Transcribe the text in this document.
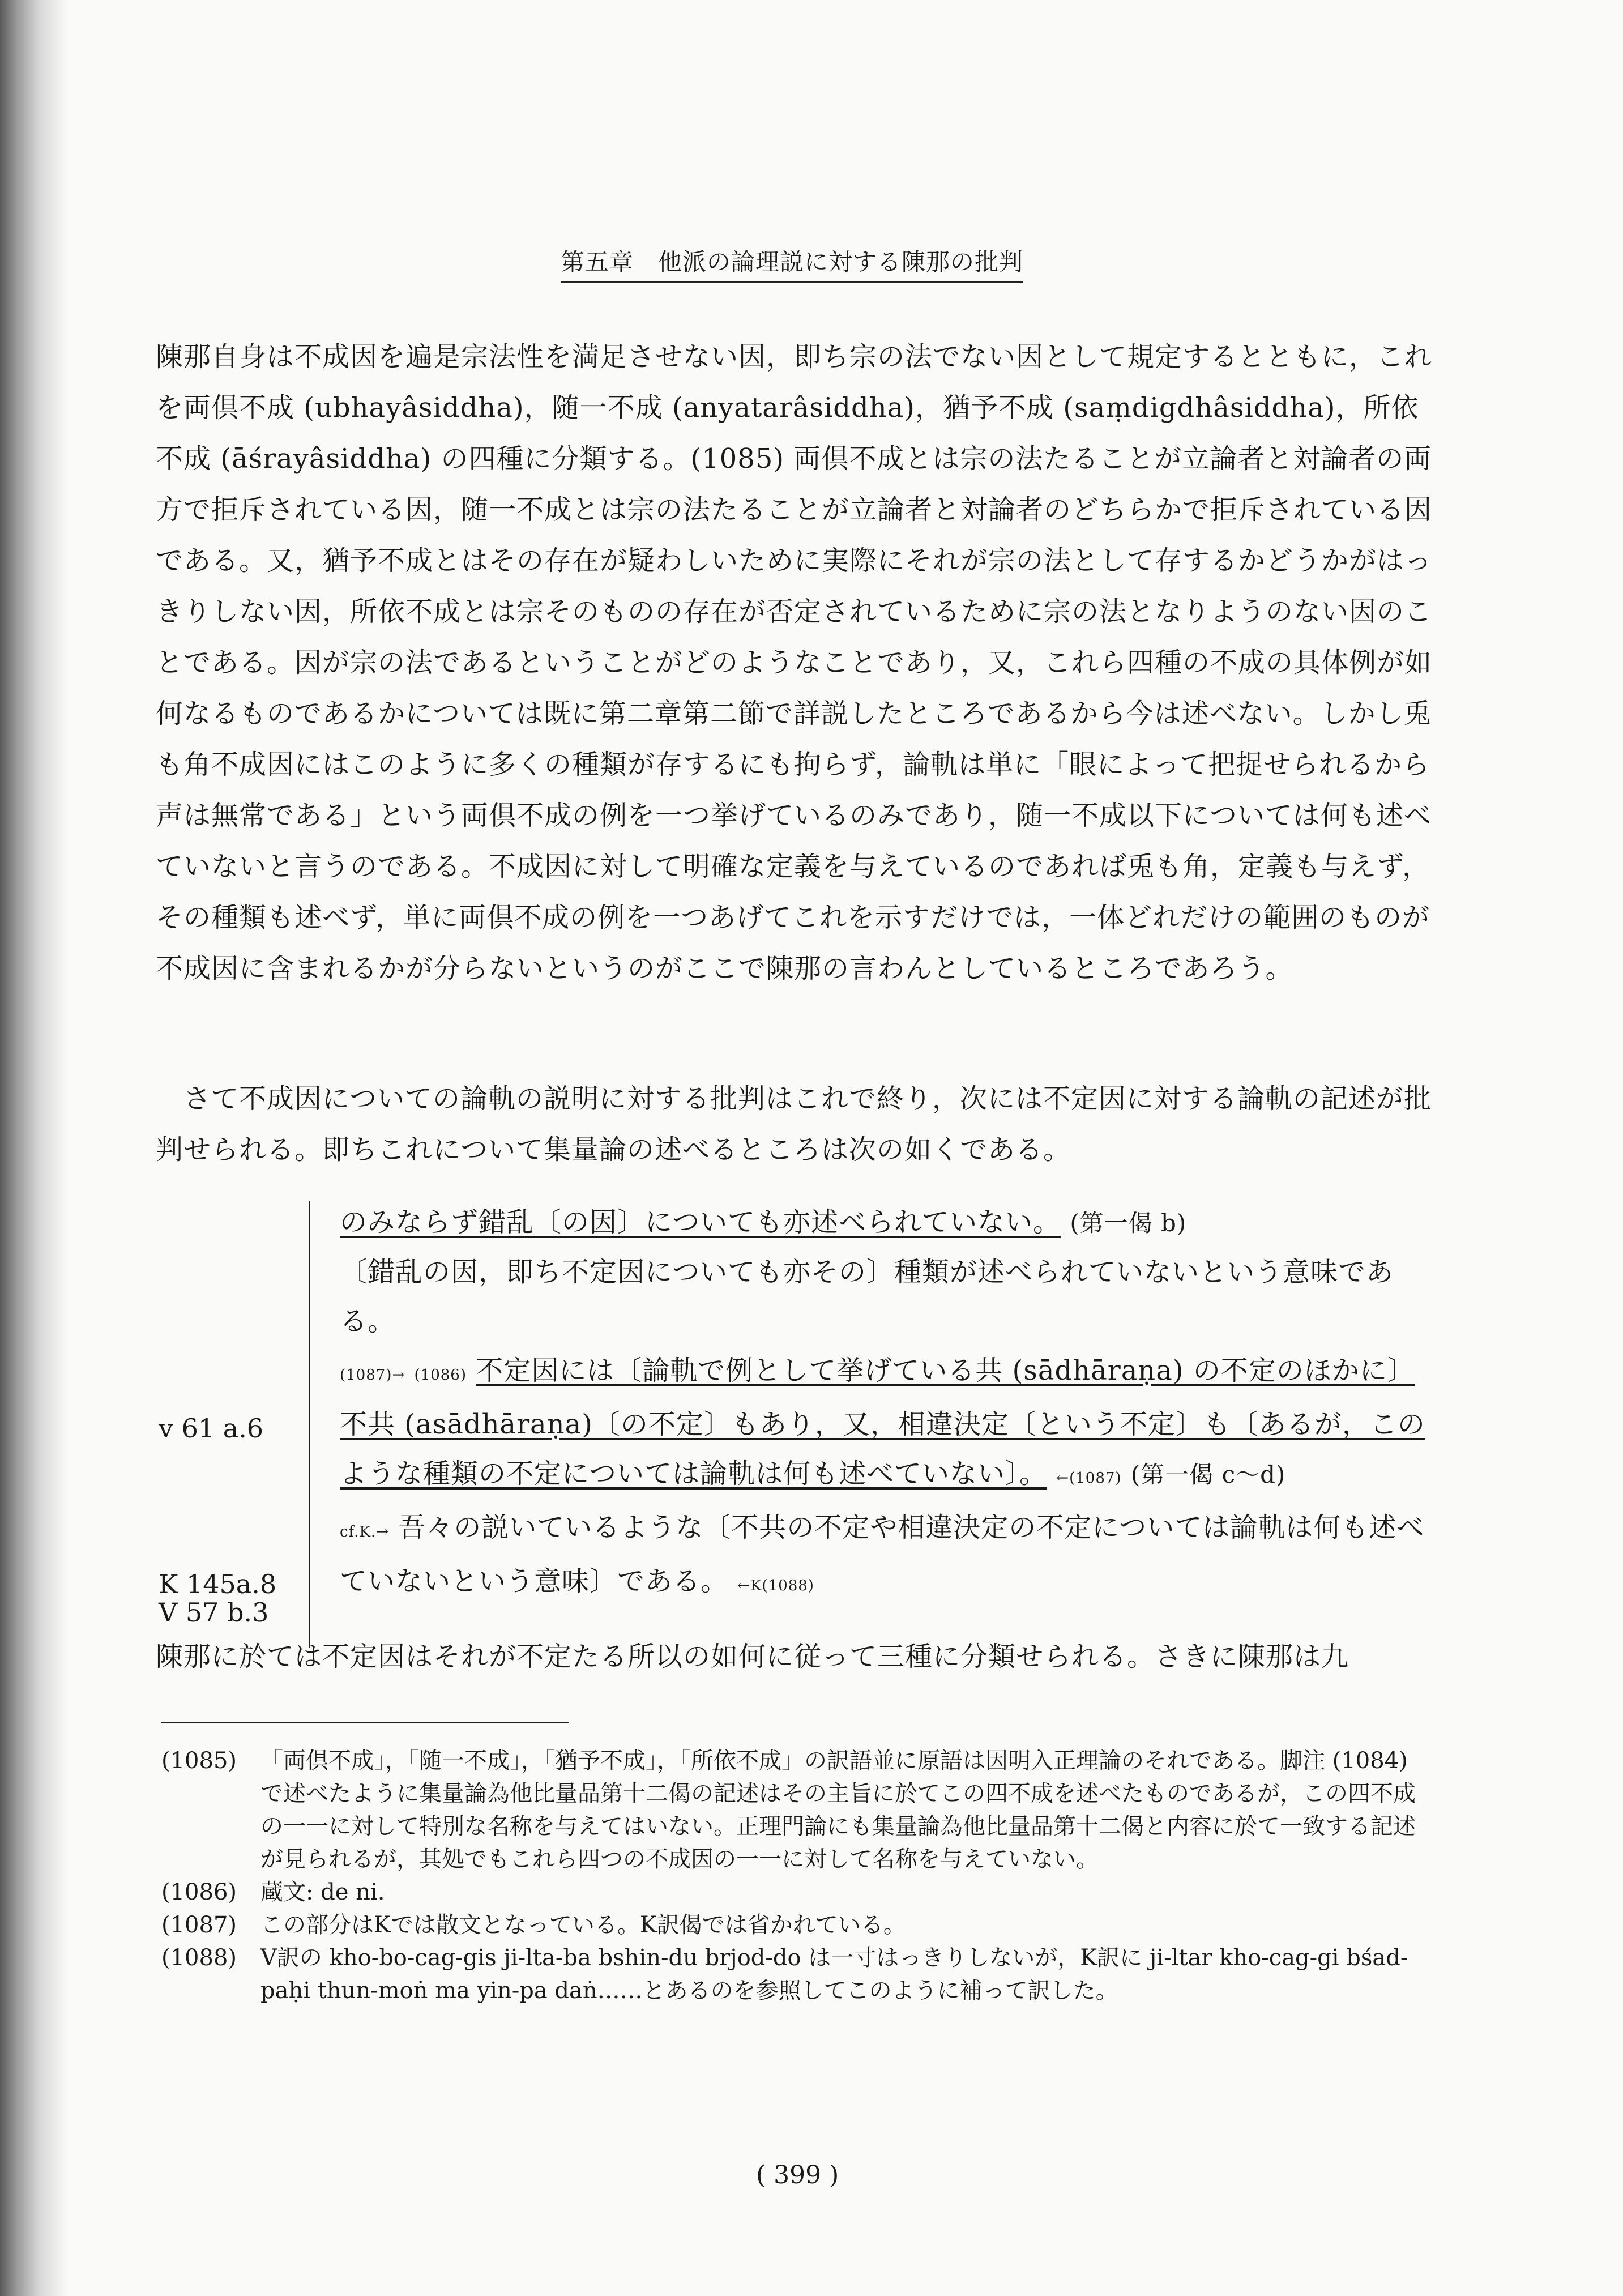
第五章　他派の論理説に対する陳那の批判
陳那自身は不成因を遍是宗法性を満足させない因，即ち宗の法でない因として規定するとともに，これを両倶不成 (ubhayâsiddha)，随一不成 (anyatarâsiddha)，猶予不成 (saṃdigdhâsiddha)，所依不成 (āśrayâsiddha) の四種に分類する。(1085) 両倶不成とは宗の法たることが立論者と対論者の両方で拒斥されている因，随一不成とは宗の法たることが立論者と対論者のどちらかで拒斥されている因である。又，猶予不成とはその存在が疑わしいために実際にそれが宗の法として存するかどうかがはっきりしない因，所依不成とは宗そのものの存在が否定されているために宗の法となりようのない因のことである。因が宗の法であるということがどのようなことであり，又，これら四種の不成の具体例が如何なるものであるかについては既に第二章第二節で詳説したところであるから今は述べない。しかし兎も角不成因にはこのように多くの種類が存するにも拘らず，論軌は単に「眼によって把捉せられるから声は無常である」という両倶不成の例を一つ挙げているのみであり，随一不成以下については何も述べていないと言うのである。不成因に対して明確な定義を与えているのであれば兎も角，定義も与えず，その種類も述べず，単に両倶不成の例を一つあげてこれを示すだけでは，一体どれだけの範囲のものが不成因に含まれるかが分らないというのがここで陳那の言わんとしているところであろう。
　さて不成因についての論軌の説明に対する批判はこれで終り，次には不定因に対する論軌の記述が批判せられる。即ちこれについて集量論の述べるところは次の如くである。
のみならず錯乱〔の因〕についても亦述べられていない。 (第一偈 b)
〔錯乱の因，即ち不定因についても亦その〕種類が述べられていないという意味である。
(1087)→ (1086) 不定因には〔論軌で例として挙げている共 (sādhāraṇa) の不定のほかに〕不共 (asādhāraṇa)〔の不定〕もあり，又，相違決定〔という不定〕も〔あるが，このような種類の不定については論軌は何も述べていない〕。 ←(1087) (第一偈 c〜d)
cf.K.→ 吾々の説いているような〔不共の不定や相違決定の不定については論軌は何も述べていないという意味〕である。 ←K(1088)
v 61 a.6
K 145a.8
V 57 b.3
陳那に於ては不定因はそれが不定たる所以の如何に従って三種に分類せられる。さきに陳那は九
(1085)	「両倶不成」，「随一不成」，「猶予不成」，「所依不成」の訳語並に原語は因明入正理論のそれである。脚注 (1084) で述べたように集量論為他比量品第十二偈の記述はその主旨に於てこの四不成を述べたものであるが，この四不成の一一に対して特別な名称を与えてはいない。正理門論にも集量論為他比量品第十二偈と内容に於て一致する記述が見られるが，其処でもこれら四つの不成因の一一に対して名称を与えていない。
(1086)	蔵文: de ni.
(1087)	この部分はKでは散文となっている。K訳偈では省かれている。
(1088)	V訳の kho-bo-cag-gis ji-lta-ba bshin-du brjod-do は一寸はっきりしないが，K訳に ji-ltar kho-cag-gi bśad-paḥi thun-moṅ ma yin-pa daṅ……とあるのを参照してこのように補って訳した。
( 399 )
